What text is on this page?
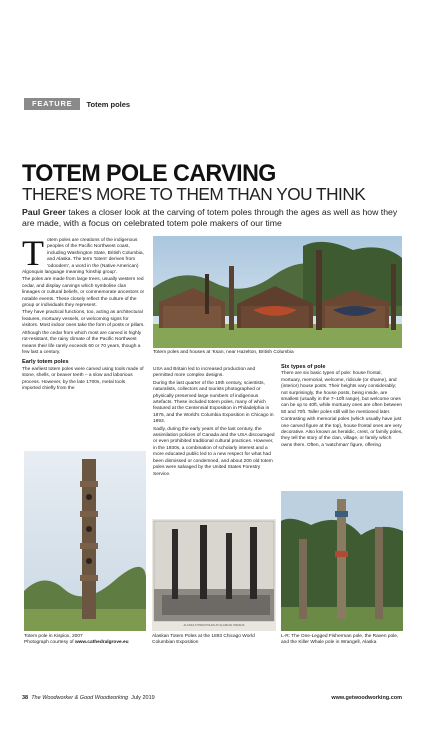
FEATURE	Totem poles
TOTEM POLE CARVING
THERE'S MORE TO THEM THAN YOU THINK
Paul Greer takes a closer look at the carving of totem poles through the ages as well as how they are made, with a focus on celebrated totem pole makers of our time
T otem poles are creations of the indigenous peoples of the Pacific Northwest coast, including Washington State, British Columbia, and Alaska. The term 'totem' derives from 'odoodem', a word in the (Native American) Algonquin language meaning 'kinship group'.

The poles are made from large trees, usually western red cedar, and display carvings which symbolise clan lineages or cultural beliefs, or commemorate ancestors or notable events. These closely reflect the culture of the group or individuals they represent.

They have practical functions, too, acting as architectural features, mortuary vessels, or welcoming signs for visitors. Most indoor ones take the form of posts or pillars.

Although the cedar from which most are carved is highly rot-resistant, the rainy climate of the Pacific Northwest means their life rarely exceeds 60 or 70 years, though a few last a century.

Early totem poles

The earliest totem poles were carved using tools made of stone, shells, or beaver teeth – a slow and laborious process. However, by the late 1700s, metal tools imported chiefly from the

Totem poles and houses at 'Ksan, near Hazelton, British Columbia

USA and Britain led to increased production and permitted more complex designs.

During the last quarter of the 19th century, scientists, naturalists, collectors and tourists photographed or physically preserved large numbers of indigenous artefacts. These included totem poles, many of which featured at the Centennial Exposition in Philadelphia in 1876, and the World's Columbia Exposition in Chicago in 1893.

Sadly, during the early years of the last century, the assimilation policies of Canada and the USA discouraged or even prohibited traditional cultural practices. However, in the 1930s, a combination of scholarly interest and a more educated public led to a new respect for what had been dismissed or condemned, and about 200 old totem poles were salvaged by the United States Forestry Service.

Six types of pole

There are six basic types of pole: house frontal, mortuary, memorial, welcome, ridicule (or shame), and (interior) house posts. Their heights vary considerably; not surprisingly, the house posts, being inside, are smallest (usually in the 7–10ft range), but welcome ones can be up to 40ft, while mortuary ones are often between 50 and 70ft. Taller poles still will be mentioned later.

Contrasting with memorial poles (which usually have just one carved figure at the top), house frontal ones are very decorative. Also known as heraldic, crest, or family poles, they tell the story of the clan, village, or family which owns them. Often, a 'watchman' figure, offering

Totem pole in Kispiox, 2007
Photograph courtesy of www.cathedralgrove.eu
ALASKA TOTEM POLES AT ALASKAN INDIANS
Alaskan Totem Poles at the 1893 Chicago World Columbian Exposition
L-R: The One-Legged Fisherman pole, the Raven pole, and the Killer Whale pole in Wrangell, Alaska
38 The Woodworker & Good Woodworking July 2019	www.getwoodworking.com
